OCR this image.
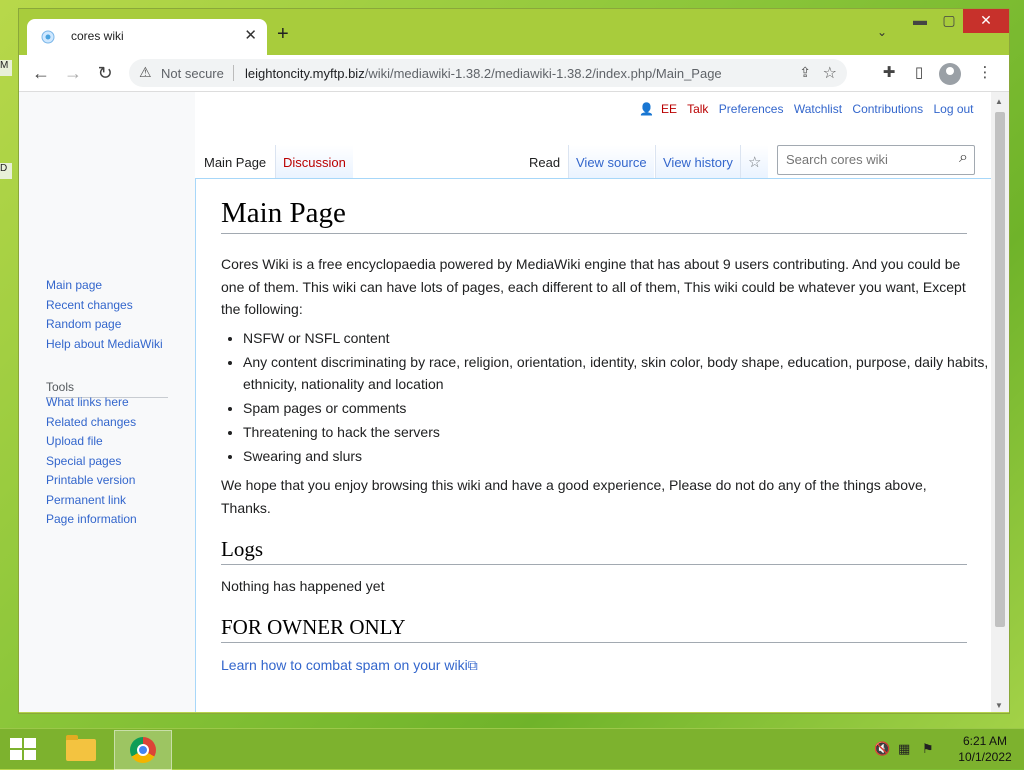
M
D
cores wiki	✕ +	⌄
▬	▢	✕
← → ↻	⚠ Not secure leightoncity.myftp.biz/wiki/mediawiki-1.38.2/mediawiki-1.38.2/index.php/Main_Page	⇪ ☆	✚	▯	⋮
Main page
Recent changes
Random page
Help about MediaWiki
Tools
What links here
Related changes
Upload file
Special pages
Printable version
Permanent link
Page information
👤 EE Talk Preferences Watchlist Contributions Log out
Main Page	Discussion	Read	View source	View history	☆
Search cores wiki	⌕
Main Page
Cores Wiki is a free encyclopaedia powered by MediaWiki engine that has about 9 users contributing. And you could be one of them. This wiki can have lots of pages, each different to all of them, This wiki could be whatever you want, Except the following:
• NSFW or NSFL content
• Any content discriminating by race, religion, orientation, identity, skin color, body shape, education, purpose, daily habits, ethnicity, nationality and location
• Spam pages or comments
• Threatening to hack the servers
• Swearing and slurs
We hope that you enjoy browsing this wiki and have a good experience, Please do not do any of the things above, Thanks.
Logs
Nothing has happened yet
FOR OWNER ONLY
Learn how to combat spam on your wiki⧉
▲
▼
🔇 ▦ ⚑	6:21 AM
10/1/2022
